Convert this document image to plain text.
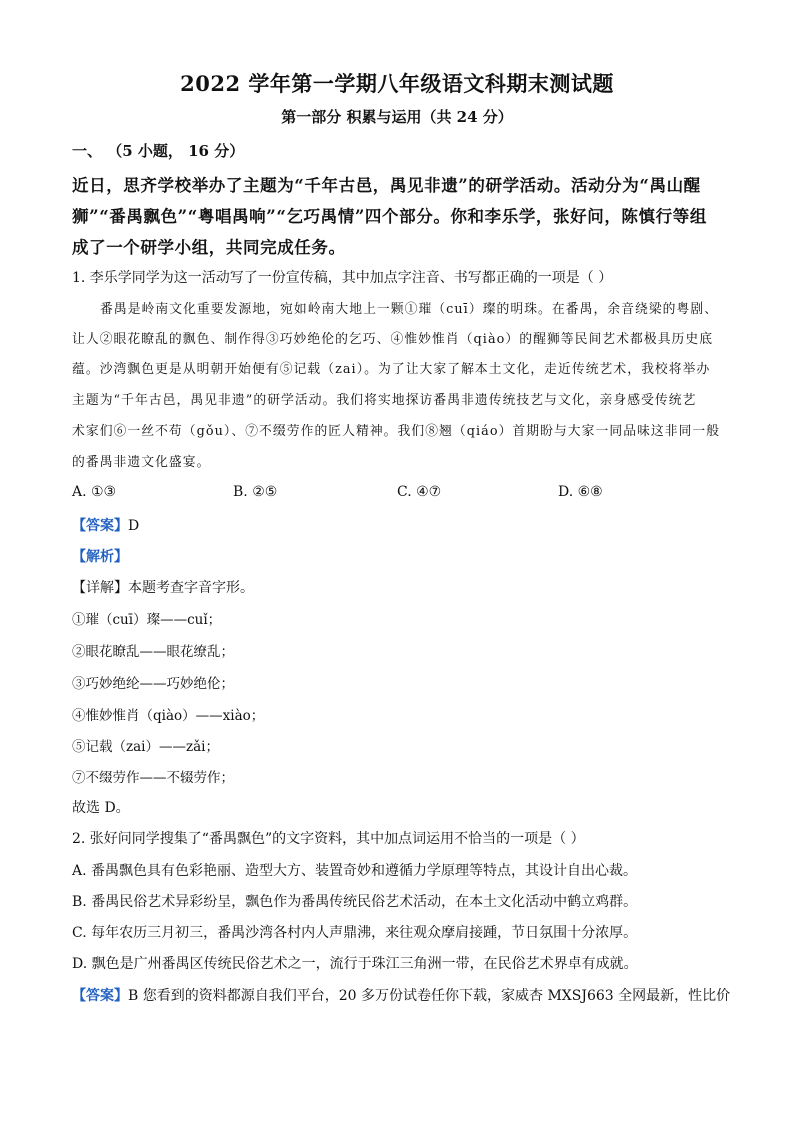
2022 学年第一学期八年级语文科期末测试题
第一部分 积累与运用（共 24 分）
一、 （5 小题， 16 分）
近日，思齐学校举办了主题为“千年古邑，禺见非遗”的研学活动。活动分为“禺山醒
狮”“番禺飘色”“粤唱禺响”“乞巧禺情”四个部分。你和李乐学，张好问，陈慎行等组
成了一个研学小组，共同完成任务。
1. 李乐学同学为这一活动写了一份宣传稿，其中加点字注音、书写都正确的一项是（ ）
番禺是岭南文化重要发源地，宛如岭南大地上一颗①璀（cuī）璨的明珠。在番禺，余音绕梁的粤剧、
让人②眼花瞭乱的飘色、制作得③巧妙绝伦的乞巧、④惟妙惟肖（qiào）的醒狮等民间艺术都极具历史底
蕴。沙湾飘色更是从明朝开始便有⑤记载（zai）。为了让大家了解本土文化，走近传统艺术，我校将举办
主题为“千年古邑，禺见非遗”的研学活动。我们将实地探访番禺非遗传统技艺与文化，亲身感受传统艺
术家们⑥一丝不苟（gǒu）、⑦不缀劳作的匠人精神。我们⑧翘（qiáo）首期盼与大家一同品味这非同一般
的番禺非遗文化盛宴。
A. ①③	B. ②⑤	C. ④⑦	D. ⑥⑧
【答案】D
【解析】
【详解】本题考查字音字形。
①璀（cuī）璨——cuǐ；
②眼花瞭乱——眼花缭乱；
③巧妙绝纶——巧妙绝伦；
④惟妙惟肖（qiào）——xiào；
⑤记载（zai）——zǎi；
⑦不缀劳作——不辍劳作；
故选 D。
2. 张好问同学搜集了“番禺飘色”的文字资料，其中加点词运用不恰当的一项是（ ）
A. 番禺飘色具有色彩艳丽、造型大方、装置奇妙和遵循力学原理等特点，其设计自出心裁。
B. 番禺民俗艺术异彩纷呈，飘色作为番禺传统民俗艺术活动，在本土文化活动中鹤立鸡群。
C. 每年农历三月初三，番禺沙湾各村内人声鼎沸，来往观众摩肩接踵，节日氛围十分浓厚。
D. 飘色是广州番禺区传统民俗艺术之一，流行于珠江三角洲一带，在民俗艺术界卓有成就。
【答案】B 您看到的资料都源自我们平台，20 多万份试卷任你下载，家威杏 MXSJ663 全网最新，性比价
